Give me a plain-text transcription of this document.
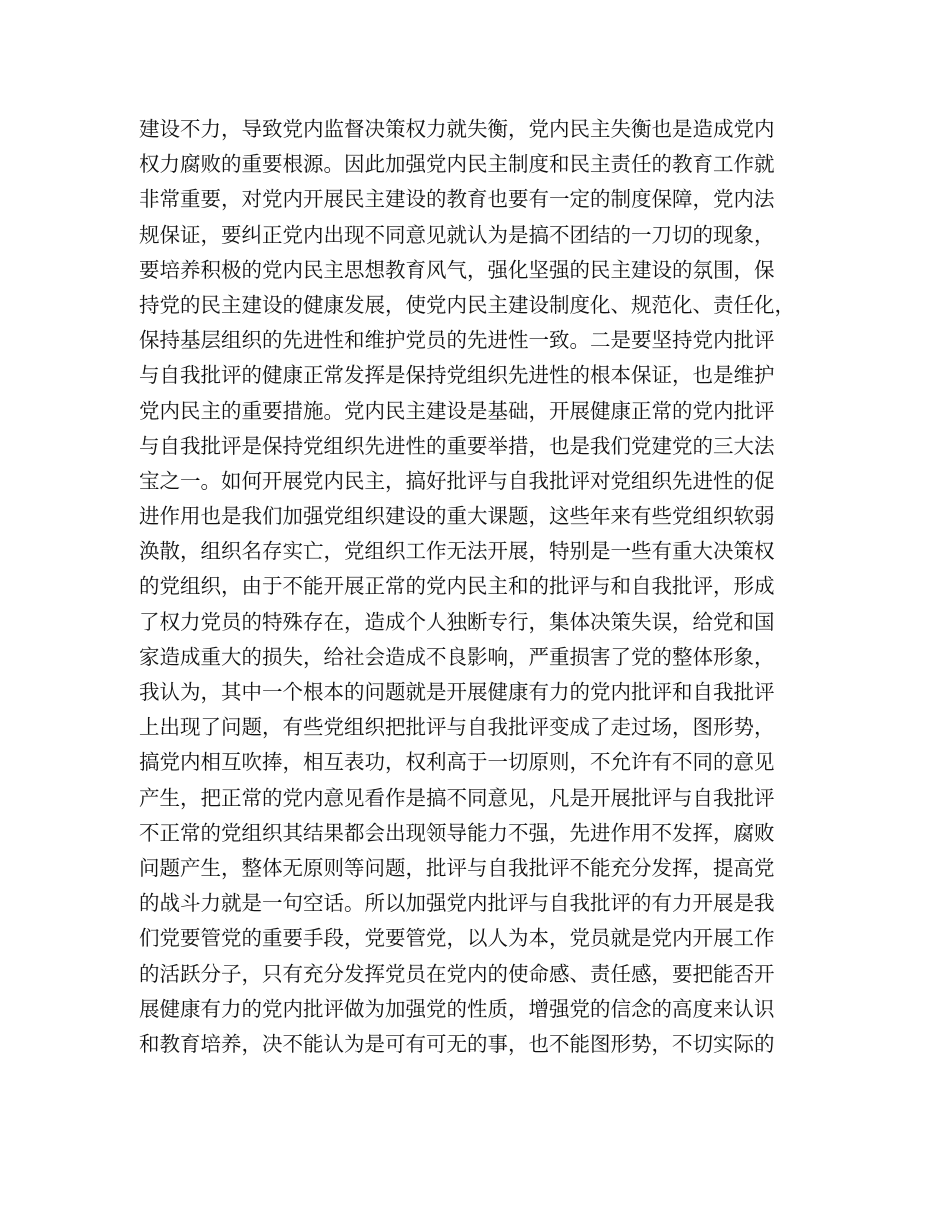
建设不力，导致党内监督决策权力就失衡，党内民主失衡也是造成党内
权力腐败的重要根源。因此加强党内民主制度和民主责任的教育工作就
非常重要，对党内开展民主建设的教育也要有一定的制度保障，党内法
规保证，要纠正党内出现不同意见就认为是搞不团结的一刀切的现象，
要培养积极的党内民主思想教育风气，强化坚强的民主建设的氛围，保
持党的民主建设的健康发展，使党内民主建设制度化、规范化、责任化，
保持基层组织的先进性和维护党员的先进性一致。二是要坚持党内批评
与自我批评的健康正常发挥是保持党组织先进性的根本保证，也是维护
党内民主的重要措施。党内民主建设是基础，开展健康正常的党内批评
与自我批评是保持党组织先进性的重要举措，也是我们党建党的三大法
宝之一。如何开展党内民主，搞好批评与自我批评对党组织先进性的促
进作用也是我们加强党组织建设的重大课题，这些年来有些党组织软弱
涣散，组织名存实亡，党组织工作无法开展，特别是一些有重大决策权
的党组织，由于不能开展正常的党内民主和的批评与和自我批评，形成
了权力党员的特殊存在，造成个人独断专行，集体决策失误，给党和国
家造成重大的损失，给社会造成不良影响，严重损害了党的整体形象，
我认为，其中一个根本的问题就是开展健康有力的党内批评和自我批评
上出现了问题，有些党组织把批评与自我批评变成了走过场，图形势，
搞党内相互吹捧，相互表功，权利高于一切原则，不允许有不同的意见
产生，把正常的党内意见看作是搞不同意见，凡是开展批评与自我批评
不正常的党组织其结果都会出现领导能力不强，先进作用不发挥，腐败
问题产生，整体无原则等问题，批评与自我批评不能充分发挥，提高党
的战斗力就是一句空话。所以加强党内批评与自我批评的有力开展是我
们党要管党的重要手段，党要管党，以人为本，党员就是党内开展工作
的活跃分子，只有充分发挥党员在党内的使命感、责任感，要把能否开
展健康有力的党内批评做为加强党的性质，增强党的信念的高度来认识
和教育培养，决不能认为是可有可无的事，也不能图形势，不切实际的
